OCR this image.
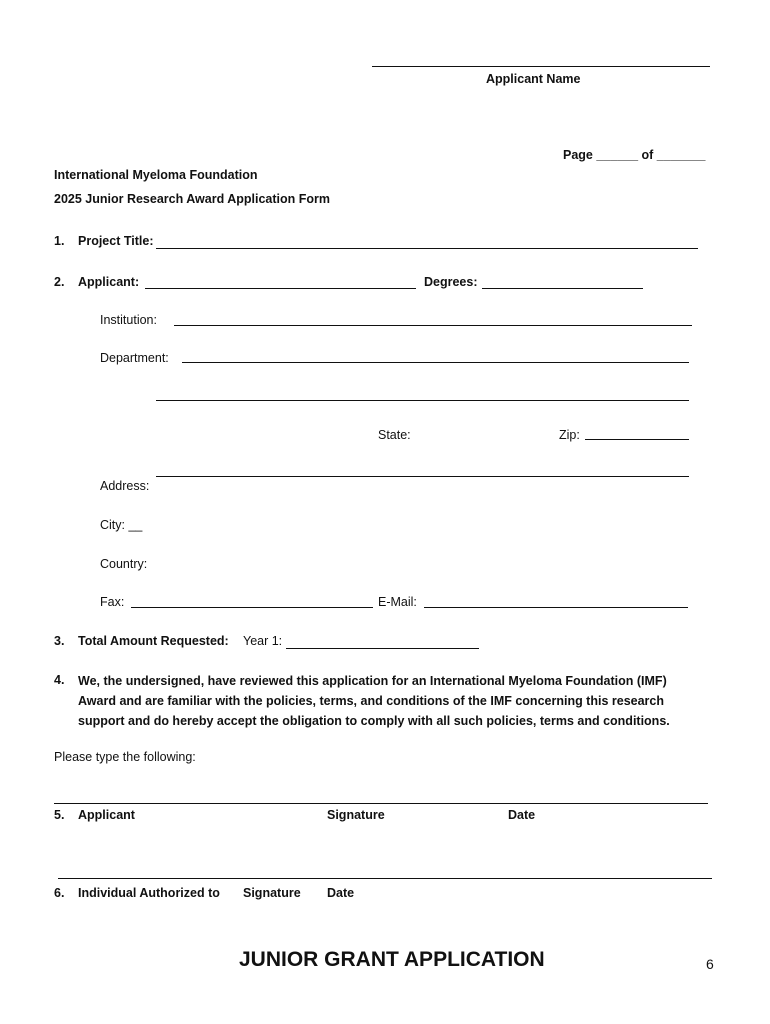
Applicant Name
Page ______ of _______
International Myeloma Foundation
2025 Junior Research Award Application Form
1. Project Title:
2. Applicant:	Degrees:
Institution:
Department:
State:	Zip:
Address:
City: __
Country:
Fax:	E-Mail:
3. Total Amount Requested: Year 1:
4. We, the undersigned, have reviewed this application for an International Myeloma Foundation (IMF)
Award and are familiar with the policies, terms, and conditions of the IMF concerning this research
support and do hereby accept the obligation to comply with all such policies, terms and conditions.
Please type the following:
5. Applicant	Signature	Date
6. Individual Authorized to Signature Date
JUNIOR GRANT APPLICATION	6
